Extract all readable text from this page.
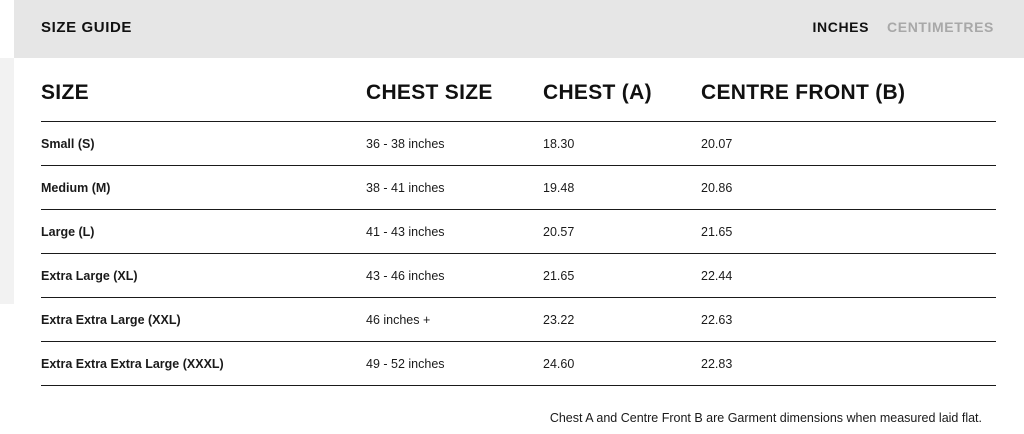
SIZE GUIDE	INCHES CENTIMETRES
SIZE	CHEST SIZE	CHEST (A)	CENTRE FRONT (B)
Small (S)	36 - 38 inches	18.30	20.07
Medium (M)	38 - 41 inches	19.48	20.86
Large (L)	41 - 43 inches	20.57	21.65
Extra Large (XL)	43 - 46 inches	21.65	22.44
Extra Extra Large (XXL)	46 inches +	23.22	22.63
Extra Extra Extra Large (XXXL)	49 - 52 inches	24.60	22.83
Chest A and Centre Front B are Garment dimensions when measured laid flat.
